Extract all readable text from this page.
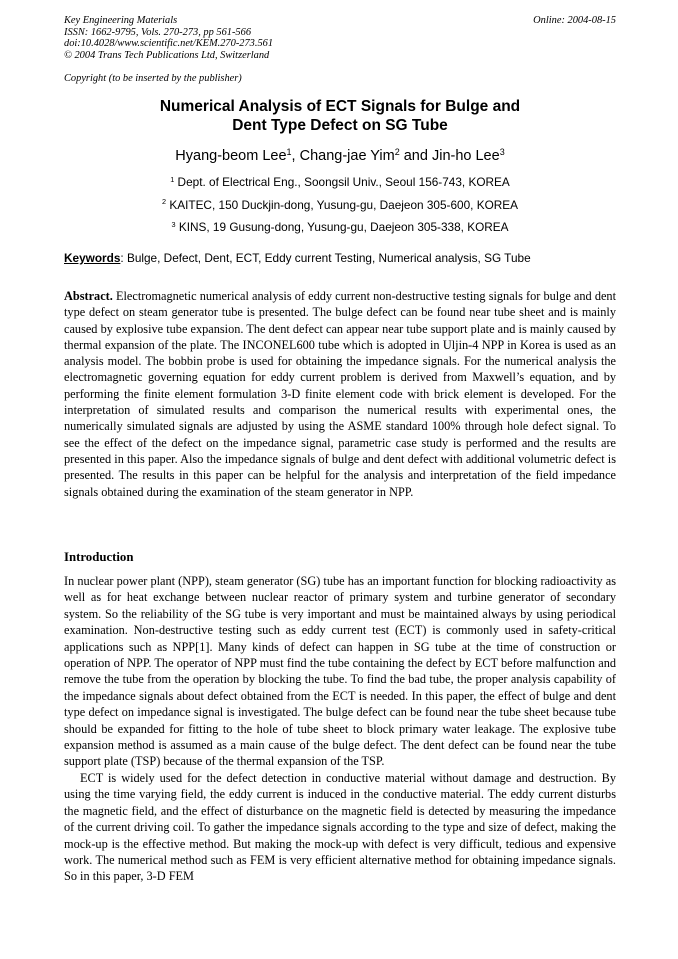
Key Engineering Materials
ISSN: 1662-9795, Vols. 270-273, pp 561-566
doi:10.4028/www.scientific.net/KEM.270-273.561
© 2004 Trans Tech Publications Ltd, Switzerland
Online: 2004-08-15
Copyright (to be inserted by the publisher)
Numerical Analysis of ECT Signals for Bulge and
Dent Type Defect on SG Tube
Hyang-beom Lee$^1$, Chang-jae Yim$^2$ and Jin-ho Lee$^3$
$^1$ Dept. of Electrical Eng., Soongsil Univ., Seoul 156-743, KOREA
$^2$ KAITEC, 150 Duckjin-dong, Yusung-gu, Daejeon 305-600, KOREA
$^3$ KINS, 19 Gusung-dong, Yusung-gu, Daejeon 305-338, KOREA
Keywords: Bulge, Defect, Dent, ECT, Eddy current Testing, Numerical analysis, SG Tube

Abstract. Electromagnetic numerical analysis of eddy current non-destructive testing signals for bulge and dent type defect on steam generator tube is presented. The bulge defect can be found near tube sheet and is mainly caused by explosive tube expansion. The dent defect can appear near tube support plate and is mainly caused by thermal expansion of the plate. The INCONEL600 tube which is adopted in Uljin-4 NPP in Korea is used as an analysis model. The bobbin probe is used for obtaining the impedance signals. For the numerical analysis the electromagnetic governing equation for eddy current problem is derived from Maxwell’s equation, and by performing the finite element formulation 3-D finite element code with brick element is developed. For the interpretation of simulated results and comparison the numerical results with experimental ones, the numerically simulated signals are adjusted by using the ASME standard 100% through hole defect signal. To see the effect of the defect on the impedance signal, parametric case study is performed and the results are presented in this paper. Also the impedance signals of bulge and dent defect with additional volumetric defect is presented. The results in this paper can be helpful for the analysis and interpretation of the field impedance signals obtained during the examination of the steam generator in NPP.

Introduction

In nuclear power plant (NPP), steam generator (SG) tube has an important function for blocking radioactivity as well as for heat exchange between nuclear reactor of primary system and turbine generator of secondary system. So the reliability of the SG tube is very important and must be maintained always by using periodical examination. Non-destructive testing such as eddy current test (ECT) is commonly used in safety-critical applications such as NPP[1]. Many kinds of defect can happen in SG tube at the time of construction or operation of NPP. The operator of NPP must find the tube containing the defect by ECT before malfunction and remove the tube from the operation by blocking the tube. To find the bad tube, the proper analysis capability of the impedance signals about defect obtained from the ECT is needed. In this paper, the effect of bulge and dent type defect on impedance signal is investigated. The bulge defect can be found near the tube sheet because tube should be expanded for fitting to the hole of tube sheet to block primary water leakage. The explosive tube expansion method is assumed as a main cause of the bulge defect. The dent defect can be found near the tube support plate (TSP) because of the thermal expansion of the TSP.

ECT is widely used for the defect detection in conductive material without damage and destruction. By using the time varying field, the eddy current is induced in the conductive material. The eddy current disturbs the magnetic field, and the effect of disturbance on the magnetic field is detected by measuring the impedance of the current driving coil. To gather the impedance signals according to the type and size of defect, making the mock-up is the effective method. But making the mock-up with defect is very difficult, tedious and expensive work. The numerical method such as FEM is very efficient alternative method for obtaining impedance signals. So in this paper, 3-D FEM
